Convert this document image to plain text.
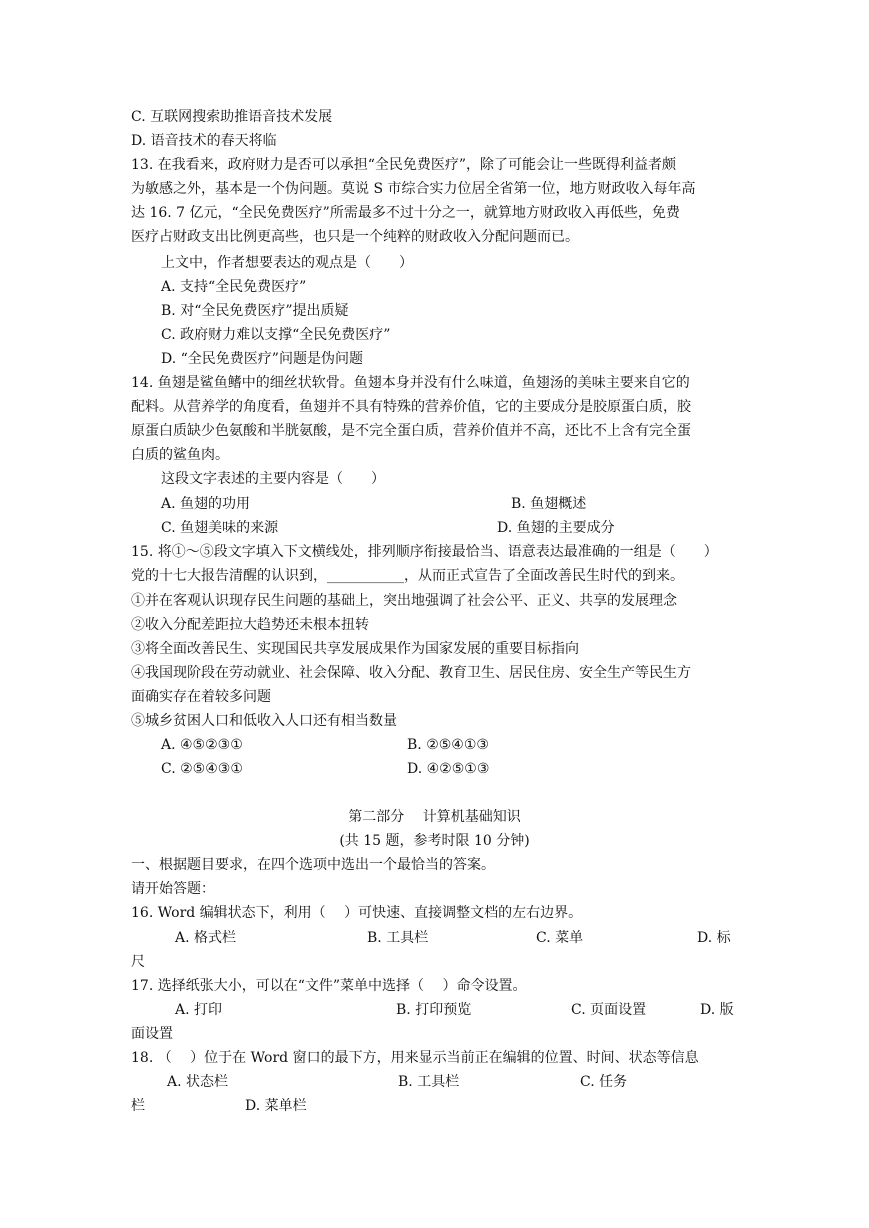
C. 互联网搜索助推语音技术发展
D. 语音技术的春天将临
13. 在我看来，政府财力是否可以承担“全民免费医疗”，除了可能会让一些既得利益者颇
为敏感之外，基本是一个伪问题。莫说 S 市综合实力位居全省第一位，地方财政收入每年高
达 16. 7 亿元，“全民免费医疗”所需最多不过十分之一，就算地方财政收入再低些，免费
医疗占财政支出比例更高些，也只是一个纯粹的财政收入分配问题而已。
上文中，作者想要表达的观点是（　　）
A. 支持“全民免费医疗”
B. 对“全民免费医疗”提出质疑
C. 政府财力难以支撑“全民免费医疗”
D. “全民免费医疗”问题是伪问题
14. 鱼翅是鲨鱼鳍中的细丝状软骨。鱼翅本身并没有什么味道，鱼翅汤的美味主要来自它的
配料。从营养学的角度看，鱼翅并不具有特殊的营养价值，它的主要成分是胶原蛋白质，胶
原蛋白质缺少色氨酸和半胱氨酸，是不完全蛋白质，营养价值并不高，还比不上含有完全蛋
白质的鲨鱼肉。
这段文字表述的主要内容是（　　）
A. 鱼翅的功用	B. 鱼翅概述
C. 鱼翅美味的来源	D. 鱼翅的主要成分
15. 将①～⑤段文字填入下文横线处，排列顺序衔接最恰当、语意表达最准确的一组是（　　）
党的十七大报告清醒的认识到，___________，从而正式宣告了全面改善民生时代的到来。
①并在客观认识现存民生问题的基础上，突出地强调了社会公平、正义、共享的发展理念
②收入分配差距拉大趋势还未根本扭转
③将全面改善民生、实现国民共享发展成果作为国家发展的重要目标指向
④我国现阶段在劳动就业、社会保障、收入分配、教育卫生、居民住房、安全生产等民生方
面确实存在着较多问题
⑤城乡贫困人口和低收入人口还有相当数量
A. ④⑤②③①	B. ②⑤④①③
C. ②⑤④③①	D. ④②⑤①③
第二部分　 计算机基础知识
(共 15 题，参考时限 10 分钟)
一、根据题目要求，在四个选项中选出一个最恰当的答案。
请开始答题：
16. Word 编辑状态下，利用（　 ）可快速、直接调整文档的左右边界。
A. 格式栏	B. 工具栏	C. 菜单	D. 标
尺
17. 选择纸张大小，可以在“文件”菜单中选择（　 ）命令设置。
A. 打印	B. 打印预览	C. 页面设置	D. 版
面设置
18. （　 ）位于在 Word 窗口的最下方，用来显示当前正在编辑的位置、时间、状态等信息
A. 状态栏	B. 工具栏	C. 任务
栏	D. 菜单栏
